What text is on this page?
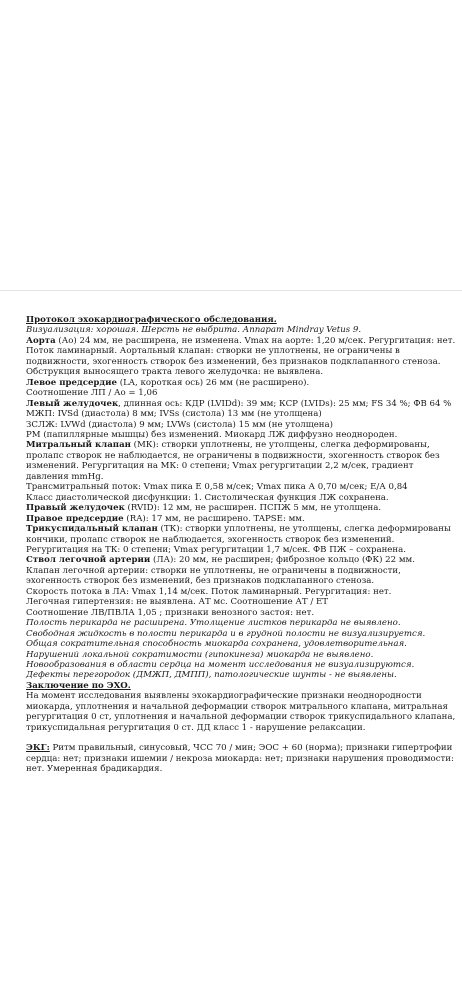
Протокол эхокардиографического обследования.

Визуализация: хорошая. Шерсть не выбрита. Аппарат Mindray Vetus 9.

Аорта (Ао) 24 мм, не расширена, не изменена. Vmax на аорте: 1,20 м/сек. Регургитация: нет. Поток ламинарный. Аортальный клапан: створки не уплотнены, не ограничены в подвижности, эхогенность створок без изменений, без признаков подклапанного стеноза.

Обструкция выносящего тракта левого желудочка: не выявлена.

Левое предсердие (LA, короткая ось) 26 мм (не расширено).

Соотношение ЛП / Ао = 1,06

Левый желудочек, длинная ось: КДР (LVIDd): 39 мм; КСР (LVIDs): 25 мм; FS 34 %; ФВ 64 %

МЖП: IVSd (диастола) 8 мм; IVSs (систола) 13 мм (не утолщена)

ЗСЛЖ: LVWd (диастола) 9 мм; LVWs (систола) 15 мм (не утолщена)

РМ (папиллярные мышцы) без изменений. Миокард ЛЖ диффузно неоднороден.

Митральный клапан (МК): створки уплотнены, не утолщены, слегка деформированы, пролапс створок не наблюдается, не ограничены в подвижности, эхогенность створок без изменений. Регургитация на МК: 0 степени; Vmax регургитации 2,2 м/сек, градиент давления mmHg.

Трансмитральный поток: Vmax пика Е 0,58 м/сек; Vmax пика А 0,70 м/сек; Е/А 0,84

Класс диастолической дисфункции: 1. Систолическая функция ЛЖ сохранена.

Правый желудочек (RVID): 12 мм, не расширен. ПСПЖ 5 мм, не утолщена.

Правое предсердие (RA): 17 мм, не расширено. TAPSE: мм.

Трикуспидальный клапан (ТК): створки уплотнены, не утолщены, слегка деформированы кончики, пролапс створок не наблюдается, эхогенность створок без изменений. Регургитация на ТК: 0 степени; Vmax регургитации 1,7 м/сек. ФВ ПЖ – сохранена.

Ствол легочной артерии (ЛА): 20 мм, не расширен; фиброзное кольцо (ФК) 22 мм.

Клапан легочной артерии: створки не уплотнены, не ограничены в подвижности, эхогенность створок без изменений, без признаков подклапанного стеноза.

Скорость потока в ЛА: Vmax 1,14 м/сек. Поток ламинарный. Регургитация: нет.

Легочная гипертензия: не выявлена. АТ мс. Соотношение АТ / ЕТ

Соотношение ЛВ/ПВЛА 1,05 ; признаки венозного застоя: нет.

Полость перикарда не расширена. Утолщение листков перикарда не выявлено.

Свободная жидкость в полости перикарда и в грудной полости не визуализируется.

Общая сократительная способность миокарда сохранена, удовлетворительная.

Нарушений локальной сократимости (гипокинеза) миокарда не выявлено.

Новообразования в области сердца на момент исследования не визуализируются.

Дефекты перегородок (ДМЖП, ДМПП), патологические шунты - не выявлены.

Заключение по ЭХО.

На момент исследования выявлены эхокардиографические признаки неоднородности миокарда, уплотнения и начальной деформации створок митрального клапана, митральная регургитация 0 ст, уплотнения и начальной деформации створок трикуспидального клапана, трикуспидальная регургитация 0 ст. ДД класс 1 - нарушение релаксации.

ЭКГ: Ритм правильный, синусовый, ЧСС 70 / мин; ЭОС + 60 (норма); признаки гипертрофии сердца: нет; признаки ишемии / некроза миокарда: нет; признаки нарушения проводимости: нет. Умеренная брадикардия.
